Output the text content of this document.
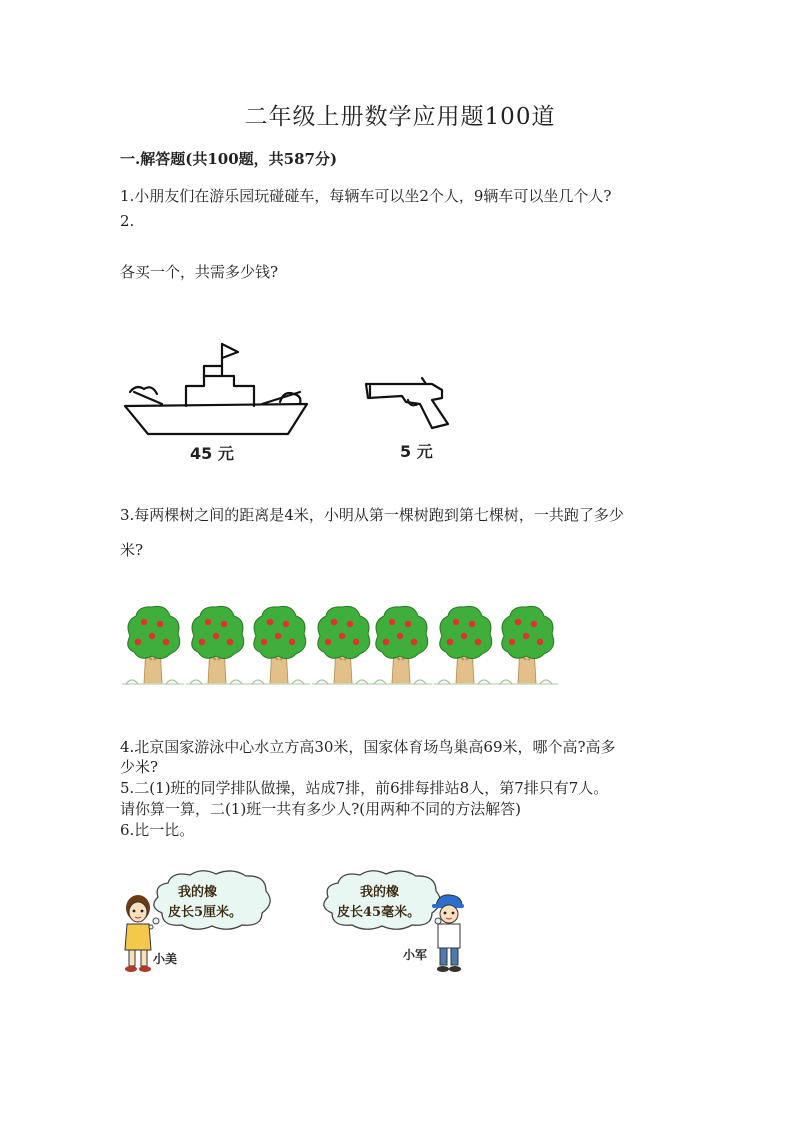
二年级上册数学应用题100道
一.解答题(共100题，共587分)
1.小朋友们在游乐园玩碰碰车，每辆车可以坐2个人，9辆车可以坐几个人?
2.
各买一个，共需多少钱?
45 元	5 元
3.每两棵树之间的距离是4米，小明从第一棵树跑到第七棵树，一共跑了多少
米?
4.北京国家游泳中心水立方高30米，国家体育场鸟巢高69米，哪个高?高多
少米?
5.二(1)班的同学排队做操，站成7排，前6排每排站8人，第7排只有7人。
请你算一算，二(1)班一共有多少人?(用两种不同的方法解答)
6.比一比。
我的橡
皮长5厘米。
小美
我的橡
皮长45毫米。
小军
